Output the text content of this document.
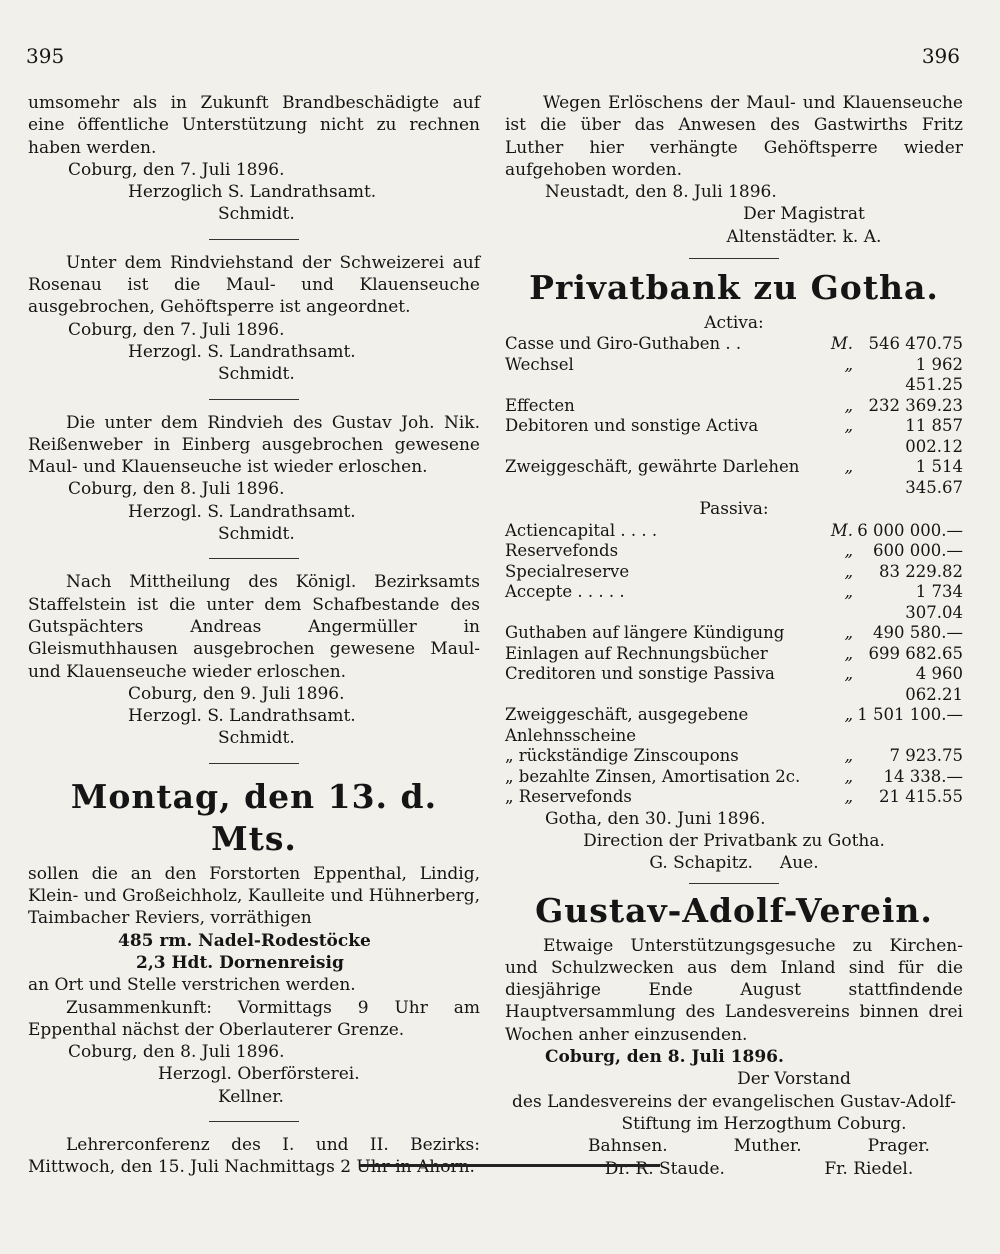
395	396

umsomehr als in Zukunft Brandbeschädigte auf eine öffentliche Unterstützung nicht zu rechnen haben werden.

Coburg, den 7. Juli 1896.

Herzoglich S. Landrathsamt.

Schmidt.

Unter dem Rindviehstand der Schweizerei auf Rosenau ist die Maul- und Klauenseuche ausgebrochen, Gehöftsperre ist angeordnet.

Coburg, den 7. Juli 1896.

Herzogl. S. Landrathsamt.

Schmidt.

Die unter dem Rindvieh des Gustav Joh. Nik. Reißenweber in Einberg ausgebrochen gewesene Maul- und Klauenseuche ist wieder erloschen.

Coburg, den 8. Juli 1896.

Herzogl. S. Landrathsamt.

Schmidt.

Nach Mittheilung des Königl. Bezirksamts Staffelstein ist die unter dem Schafbestande des Gutspächters Andreas Angermüller in Gleismuthhausen ausgebrochen gewesene Maul- und Klauenseuche wieder erloschen.

Coburg, den 9. Juli 1896.

Herzogl. S. Landrathsamt.

Schmidt.

Montag, den 13. d. Mts.

sollen die an den Forstorten Eppenthal, Lindig, Klein- und Großeichholz, Kaulleite und Hühnerberg, Taimbacher Reviers, vorräthigen

485 rm. Nadel-Rodestöcke

2,3 Hdt. Dornenreisig

an Ort und Stelle verstrichen werden.

Zusammenkunft: Vormittags 9 Uhr am Eppenthal nächst der Oberlauterer Grenze.

Coburg, den 8. Juli 1896.

Herzogl. Oberförsterei.

Kellner.

Lehrerconferenz des I. und II. Bezirks: Mittwoch, den 15. Juli Nachmittags 2 Uhr in Ahorn.

Wegen Erlöschens der Maul- und Klauenseuche ist die über das Anwesen des Gastwirths Fritz Luther hier verhängte Gehöftsperre wieder aufgehoben worden.

Neustadt, den 8. Juli 1896.

Der Magistrat

Altenstädter. k. A.

Privatbank zu Gotha.

Activa:

Casse und Giro-Guthaben . .	M. 546 470.75
Wechsel	„	1 962 451.25
Effecten	„ 232 369.23
Debitoren und sonstige Activa	„	11 857 002.12
Zweiggeschäft, gewährte Darlehen	„	1 514 345.67

Passiva:

Actiencapital . . . .	M. 6 000 000.—
Reservefonds	„	600 000.—
Specialreserve	„	83 229.82
Accepte . . . . .	„	1 734 307.04
Guthaben auf längere Kündigung	„	490 580.—
Einlagen auf Rechnungsbücher	„ 699 682.65
Creditoren und sonstige Passiva	„	4 960 062.21
Zweiggeschäft, ausgegebene Anlehnsscheine
„ 1 501 100.—
„ rückständige Zinscoupons	„	7 923.75
„ bezahlte Zinsen, Amortisation 2c.	„	14 338.—
„ Reservefonds	„	21 415.55

Gotha, den 30. Juni 1896.

Direction der Privatbank zu Gotha.

G. Schapitz.     Aue.

Gustav-Adolf-Verein.

Etwaige Unterstützungsgesuche zu Kirchen- und Schulzwecken aus dem Inland sind für die diesjährige Ende August stattfindende Hauptversammlung des Landesvereins binnen drei Wochen anher einzusenden.

Coburg, den 8. Juli 1896.

Der Vorstand

des Landesvereins der evangelischen Gustav-Adolf-

Stiftung im Herzogthum Coburg.

Bahnsen.	Muther.	Prager.
Dr. R. Staude.	Fr. Riedel.
